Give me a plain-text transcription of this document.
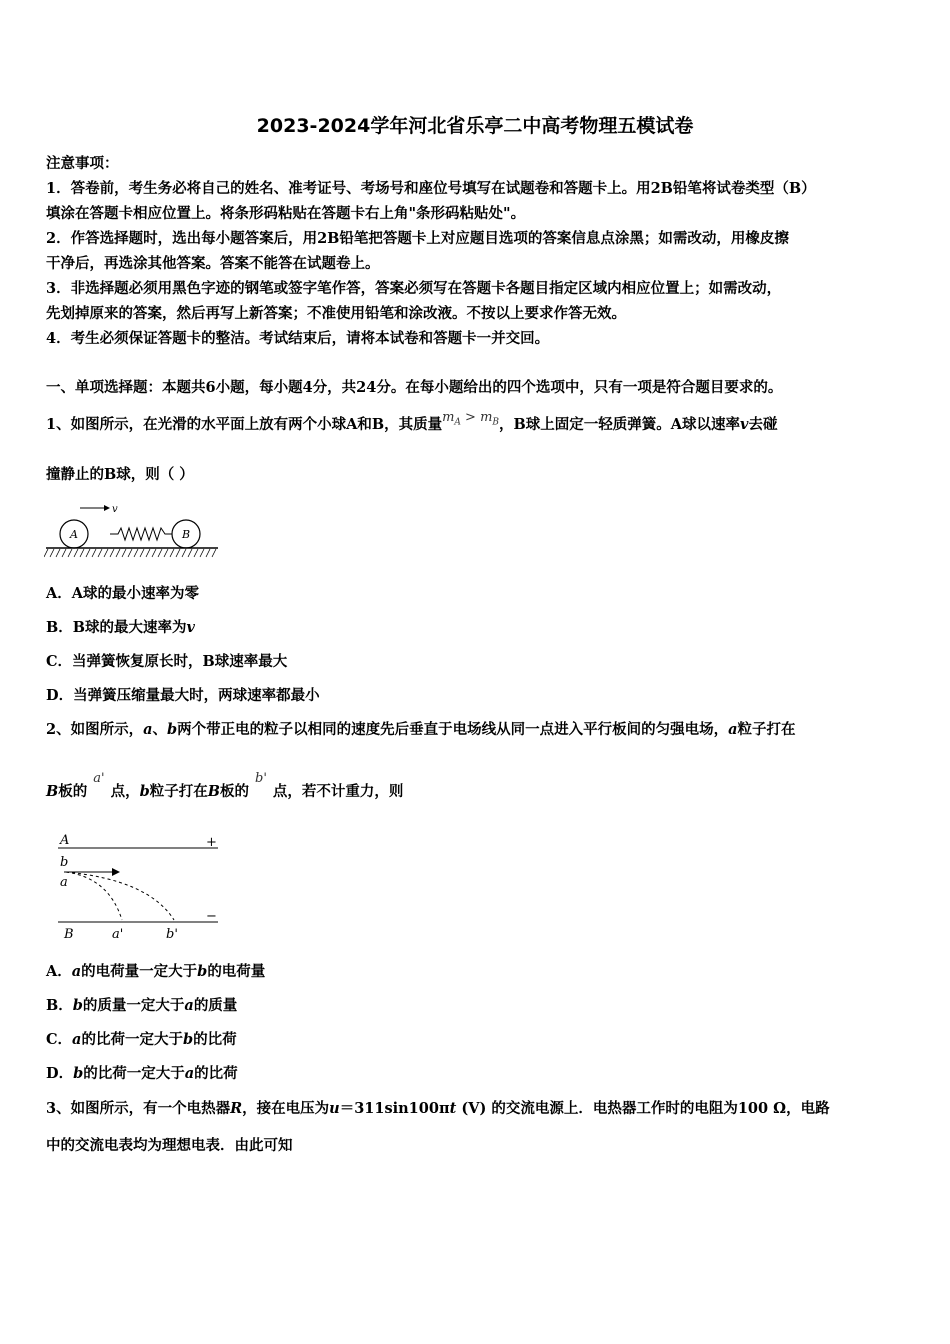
2023-2024学年河北省乐亭二中高考物理五模试卷
注意事项：
1．答卷前，考生务必将自己的姓名、准考证号、考场号和座位号填写在试题卷和答题卡上。用2B铅笔将试卷类型（B）
填涂在答题卡相应位置上。将条形码粘贴在答题卡右上角"条形码粘贴处"。
2．作答选择题时，选出每小题答案后，用2B铅笔把答题卡上对应题目选项的答案信息点涂黑；如需改动，用橡皮擦
干净后，再选涂其他答案。答案不能答在试题卷上。
3．非选择题必须用黑色字迹的钢笔或签字笔作答，答案必须写在答题卡各题目指定区域内相应位置上；如需改动，
先划掉原来的答案，然后再写上新答案；不准使用铅笔和涂改液。不按以上要求作答无效。
4．考生必须保证答题卡的整洁。考试结束后，请将本试卷和答题卡一并交回。
一、单项选择题：本题共6小题，每小题4分，共24分。在每小题给出的四个选项中，只有一项是符合题目要求的。
1、如图所示，在光滑的水平面上放有两个小球A和B，其质量$m_A > m_B$，B球上固定一轻质弹簧。A球以速率v去碰
撞静止的B球，则（ ）
v
A	B
A．A球的最小速率为零
B．B球的最大速率为v
C．当弹簧恢复原长时，B球速率最大
D．当弹簧压缩量最大时，两球速率都最小
2、如图所示，a、b两个带正电的粒子以相同的速度先后垂直于电场线从同一点进入平行板间的匀强电场，a粒子打在
B板的a'点，b粒子打在B板的b'点，若不计重力，则
A	+
b
a
−
B	a'	b'
A．a的电荷量一定大于b的电荷量
B．b的质量一定大于a的质量
C．a的比荷一定大于b的比荷
D．b的比荷一定大于a的比荷
3、如图所示，有一个电热器R，接在电压为u＝311sin100πt (V) 的交流电源上．电热器工作时的电阻为100 Ω，电路
中的交流电表均为理想电表．由此可知
